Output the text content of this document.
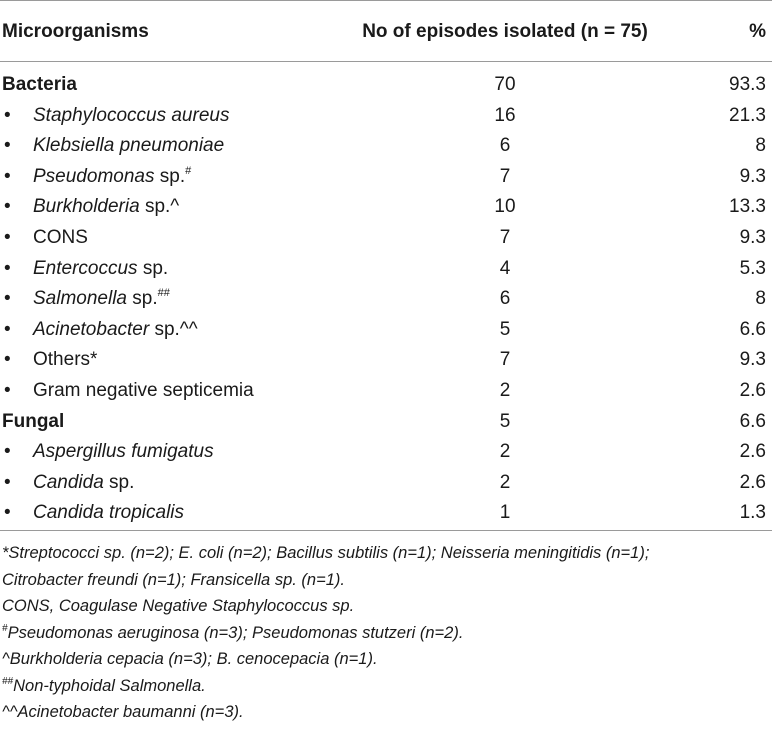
Microorganisms	No of episodes isolated (n = 75)	%
Bacteria	70	93.3
• Staphylococcus aureus	16	21.3
• Klebsiella pneumoniae	6	8
• Pseudomonas sp.#	7	9.3
• Burkholderia sp.^	10	13.3
• CONS	7	9.3
• Entercoccus sp.	4	5.3
• Salmonella sp.##	6	8
• Acinetobacter sp.^^	5	6.6
• Others*	7	9.3
• Gram negative septicemia	2	2.6
Fungal	5	6.6
• Aspergillus fumigatus	2	2.6
• Candida sp.	2	2.6
• Candida tropicalis	1	1.3
*Streptococci sp. (n=2); E. coli (n=2); Bacillus subtilis (n=1); Neisseria meningitidis (n=1);
Citrobacter freundi (n=1); Fransicella sp. (n=1).
CONS, Coagulase Negative Staphylococcus sp.
#Pseudomonas aeruginosa (n=3); Pseudomonas stutzeri (n=2).
^Burkholderia cepacia (n=3); B. cenocepacia (n=1).
##Non-typhoidal Salmonella.
^^Acinetobacter baumanni (n=3).
